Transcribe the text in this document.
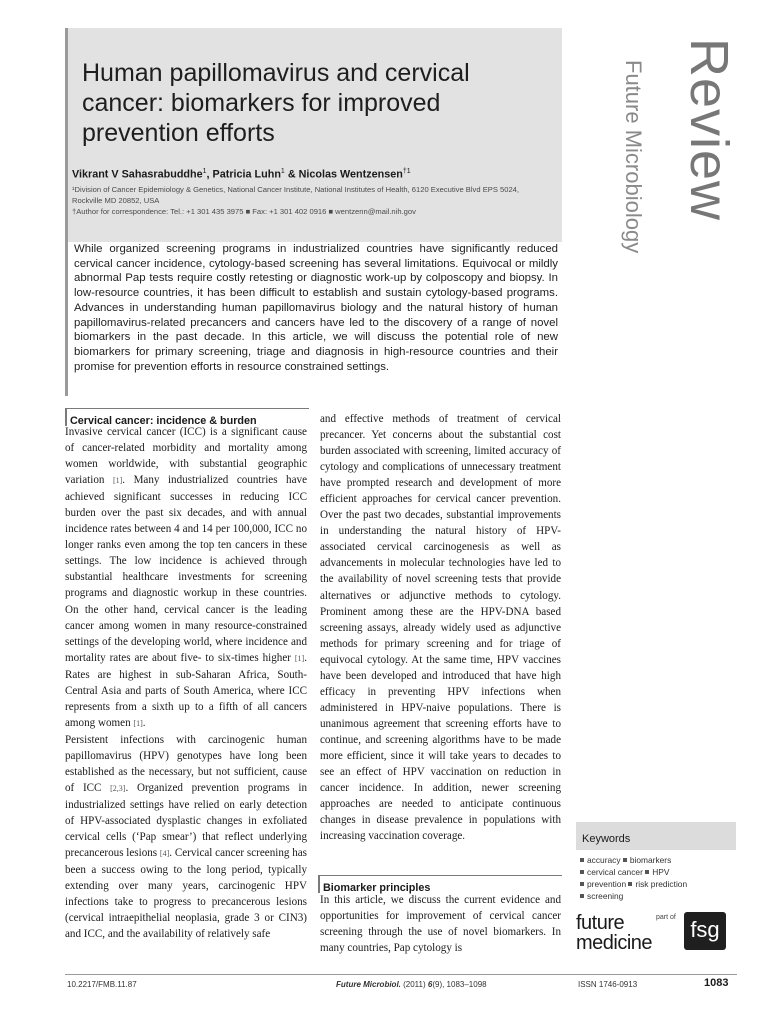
Human papillomavirus and cervical cancer: biomarkers for improved prevention efforts
Vikrant V Sahasrabuddhe$^1$, Patricia Luhn$^1$ & Nicolas Wentzensen$^{\dagger 1}$
¹Division of Cancer Epidemiology & Genetics, National Cancer Institute, National Institutes of Health, 6120 Executive Blvd EPS 5024, Rockville MD 20852, USA
†Author for correspondence: Tel.: +1 301 435 3975 ■ Fax: +1 301 402 0916 ■ wentzenn@mail.nih.gov

While organized screening programs in industrialized countries have significantly reduced cervical cancer incidence, cytology-based screening has several limitations. Equivocal or mildly abnormal Pap tests require costly retesting or diagnostic work-up by colposcopy and biopsy. In low-resource countries, it has been difficult to establish and sustain cytology-based programs. Advances in understanding human papillomavirus biology and the natural history of human papillomavirus-related precancers and cancers have led to the discovery of a range of novel biomarkers in the past decade. In this article, we will discuss the potential role of new biomarkers for primary screening, triage and diagnosis in high-resource countries and their promise for prevention efforts in resource constrained settings.

Review
Future Microbiology
Cervical cancer: incidence & burden

Invasive cervical cancer (ICC) is a significant cause of cancer-related morbidity and mortality among women worldwide, with substantial geographic variation [1]. Many industrialized countries have achieved significant successes in reducing ICC burden over the past six decades, and with annual incidence rates between 4 and 14 per 100,000, ICC no longer ranks even among the top ten cancers in these settings. The low incidence is achieved through substantial healthcare investments for screening programs and diagnostic workup in these countries. On the other hand, cervical cancer is the leading cancer among women in many resource-constrained settings of the developing world, where incidence and mortality rates are about five- to six-times higher [1]. Rates are highest in sub-Saharan Africa, South-Central Asia and parts of South America, where ICC represents from a sixth up to a fifth of all cancers among women [1].

Persistent infections with carcinogenic human papillomavirus (HPV) genotypes have long been established as the necessary, but not sufficient, cause of ICC [2,3]. Organized prevention programs in industrialized settings have relied on early detection of HPV-associated dysplastic changes in exfoliated cervical cells (‘Pap smear’) that reflect underlying precancerous lesions [4]. Cervical cancer screening has been a success owing to the long period, typically extending over many years, carcinogenic HPV infections take to progress to precancerous lesions (cervical intraepithelial neoplasia, grade 3 or CIN3) and ICC, and the availability of relatively safe

and effective methods of treatment of cervical precancer. Yet concerns about the substantial cost burden associated with screening, limited accuracy of cytology and complications of unnecessary treatment have prompted research and development of more efficient approaches for cervical cancer prevention. Over the past two decades, substantial improvements in understanding the natural history of HPV-associated cervical carcinogenesis as well as advancements in molecular technologies have led to the availability of novel screening tests that provide alternatives or adjunctive methods to cytology. Prominent among these are the HPV-DNA based screening assays, already widely used as adjunctive methods for primary screening and for triage of equivocal cytology. At the same time, HPV vaccines have been developed and introduced that have high efficacy in preventing HPV infections when administered in HPV-naive populations. There is unanimous agreement that screening efforts have to continue, and screening algorithms have to be made more efficient, since it will take years to decades to see an effect of HPV vaccination on reduction in cancer incidence. In addition, newer screening approaches are needed to anticipate continuous changes in disease prevalence in populations with increasing vaccination coverage.

Biomarker principles

In this article, we discuss the current evidence and opportunities for improvement of cervical cancer screening through the use of novel biomarkers. In many countries, Pap cytology is

Keywords
accuracy biomarkers
cervical cancer HPV
prevention risk prediction
screening
future
medicine
part of fsg
10.2217/FMB.11.87	Future Microbiol. (2011) 6(9), 1083–1098	ISSN 1746-0913	1083
